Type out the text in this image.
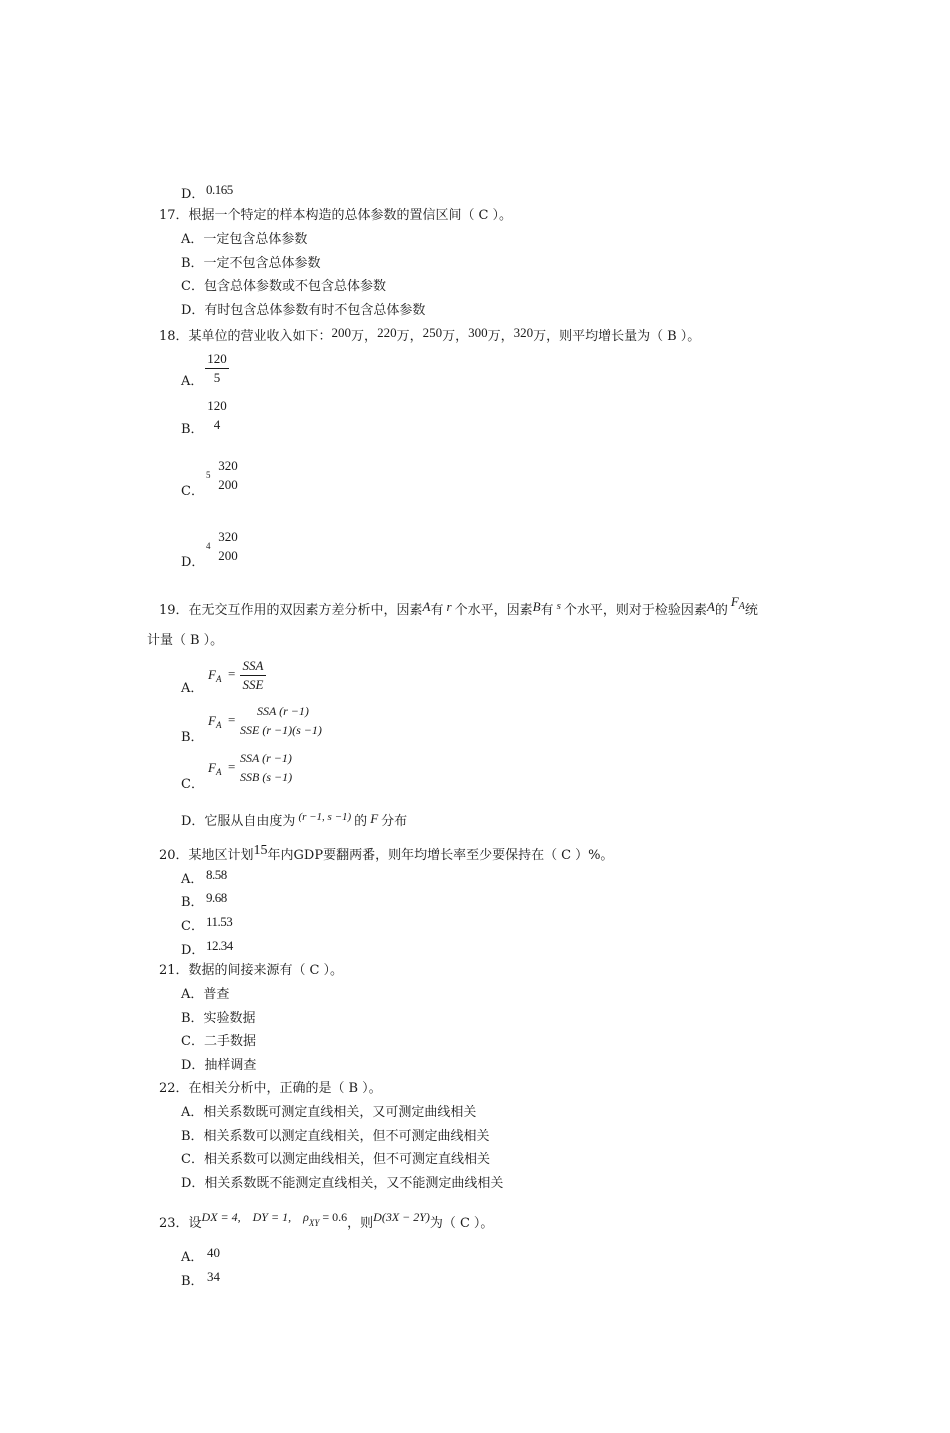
D． 0.165
17．根据一个特定的样本构造的总体参数的置信区间（ C ）。
A．一定包含总体参数
B．一定不包含总体参数
C．包含总体参数或不包含总体参数
D．有时包含总体参数有时不包含总体参数
18．某单位的营业收入如下：200万，220万，250万，300万，320万，则平均增长量为（ B ）。
A．
120
5
B．
120
4
C．
5
320
200
D．
4
320
200
19．在无交互作用的双因素方差分析中，因素A有 r 个水平，因素B有 $^s$ 个水平，则对于检验因素A的$F^A$统
计量（ B ）。
A．
$F_A$ =
SSA
SSE
B．
$F_A$ =
SSA (r −1)
SSE (r −1)(s −1)
C．
$F_A$ =
SSA (r −1)
SSB (s −1)
D．它服从自由度为 $^{(r -1, s -1)}$ 的 F 分布
20．某地区计划15年内GDP要翻两番，则年均增长率至少要保持在（ C ）%。
A． 8.58
B． 9.68
C． 11.53
D． 12.34
21．数据的间接来源有（ C ）。
A．普查
B．实验数据
C．二手数据
D．抽样调查
22．在相关分析中，正确的是（ B ）。
A．相关系数既可测定直线相关，又可测定曲线相关
B．相关系数可以测定直线相关，但不可测定曲线相关
C．相关系数可以测定曲线相关，但不可测定直线相关
D．相关系数既不能测定直线相关，又不能测定曲线相关
23．设DX = 4,    DY = 1,    ρXY = 0.6，则D(3X − 2Y)为（ C ）。
A． 40
B． 34
